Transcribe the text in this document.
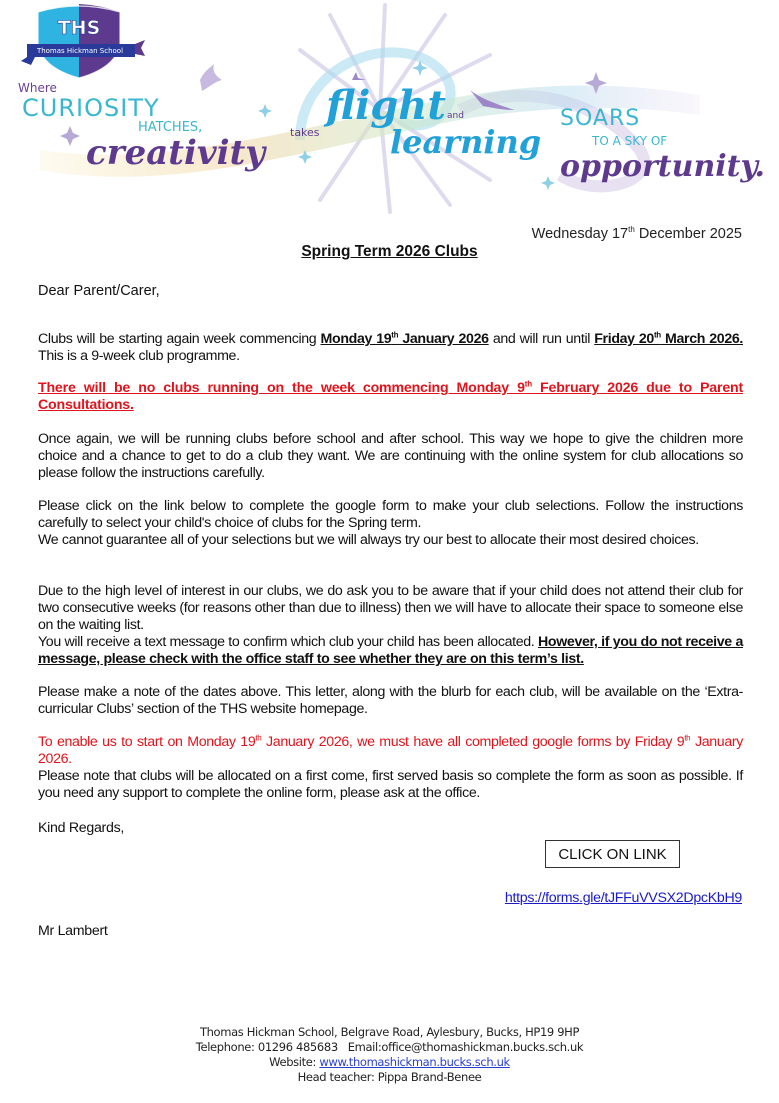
THS
Thomas Hickman School
Where
CURIOSITY
HATCHES,
creativity
takes
flight and
learning
SOARS
TO A SKY OF
opportunity.
Wednesday 17th December 2025
Spring Term 2026 Clubs
Dear Parent/Carer,
Clubs will be starting again week commencing Monday 19th January 2026 and will run until Friday 20th March 2026. This is a 9-week club programme.
There will be no clubs running on the week commencing Monday 9th February 2026 due to Parent Consultations.
Once again, we will be running clubs before school and after school. This way we hope to give the children more choice and a chance to get to do a club they want. We are continuing with the online system for club allocations so please follow the instructions carefully.
Please click on the link below to complete the google form to make your club selections. Follow the instructions carefully to select your child's choice of clubs for the Spring term.
We cannot guarantee all of your selections but we will always try our best to allocate their most desired choices.
Due to the high level of interest in our clubs, we do ask you to be aware that if your child does not attend their club for two consecutive weeks (for reasons other than due to illness) then we will have to allocate their space to someone else on the waiting list.
You will receive a text message to confirm which club your child has been allocated. However, if you do not receive a message, please check with the office staff to see whether they are on this term’s list.
Please make a note of the dates above. This letter, along with the blurb for each club, will be available on the ‘Extra-curricular Clubs’ section of the THS website homepage.
To enable us to start on Monday 19th January 2026, we must have all completed google forms by Friday 9th January 2026.
Please note that clubs will be allocated on a first come, first served basis so complete the form as soon as possible. If you need any support to complete the online form, please ask at the office.
Kind Regards,
CLICK ON LINK
https://forms.gle/tJFFuVVSX2DpcKbH9
Mr Lambert
Thomas Hickman School, Belgrave Road, Aylesbury, Bucks, HP19 9HP
Telephone: 01296 485683 Email:office@thomashickman.bucks.sch.uk
Website: www.thomashickman.bucks.sch.uk
Head teacher: Pippa Brand-Benee
